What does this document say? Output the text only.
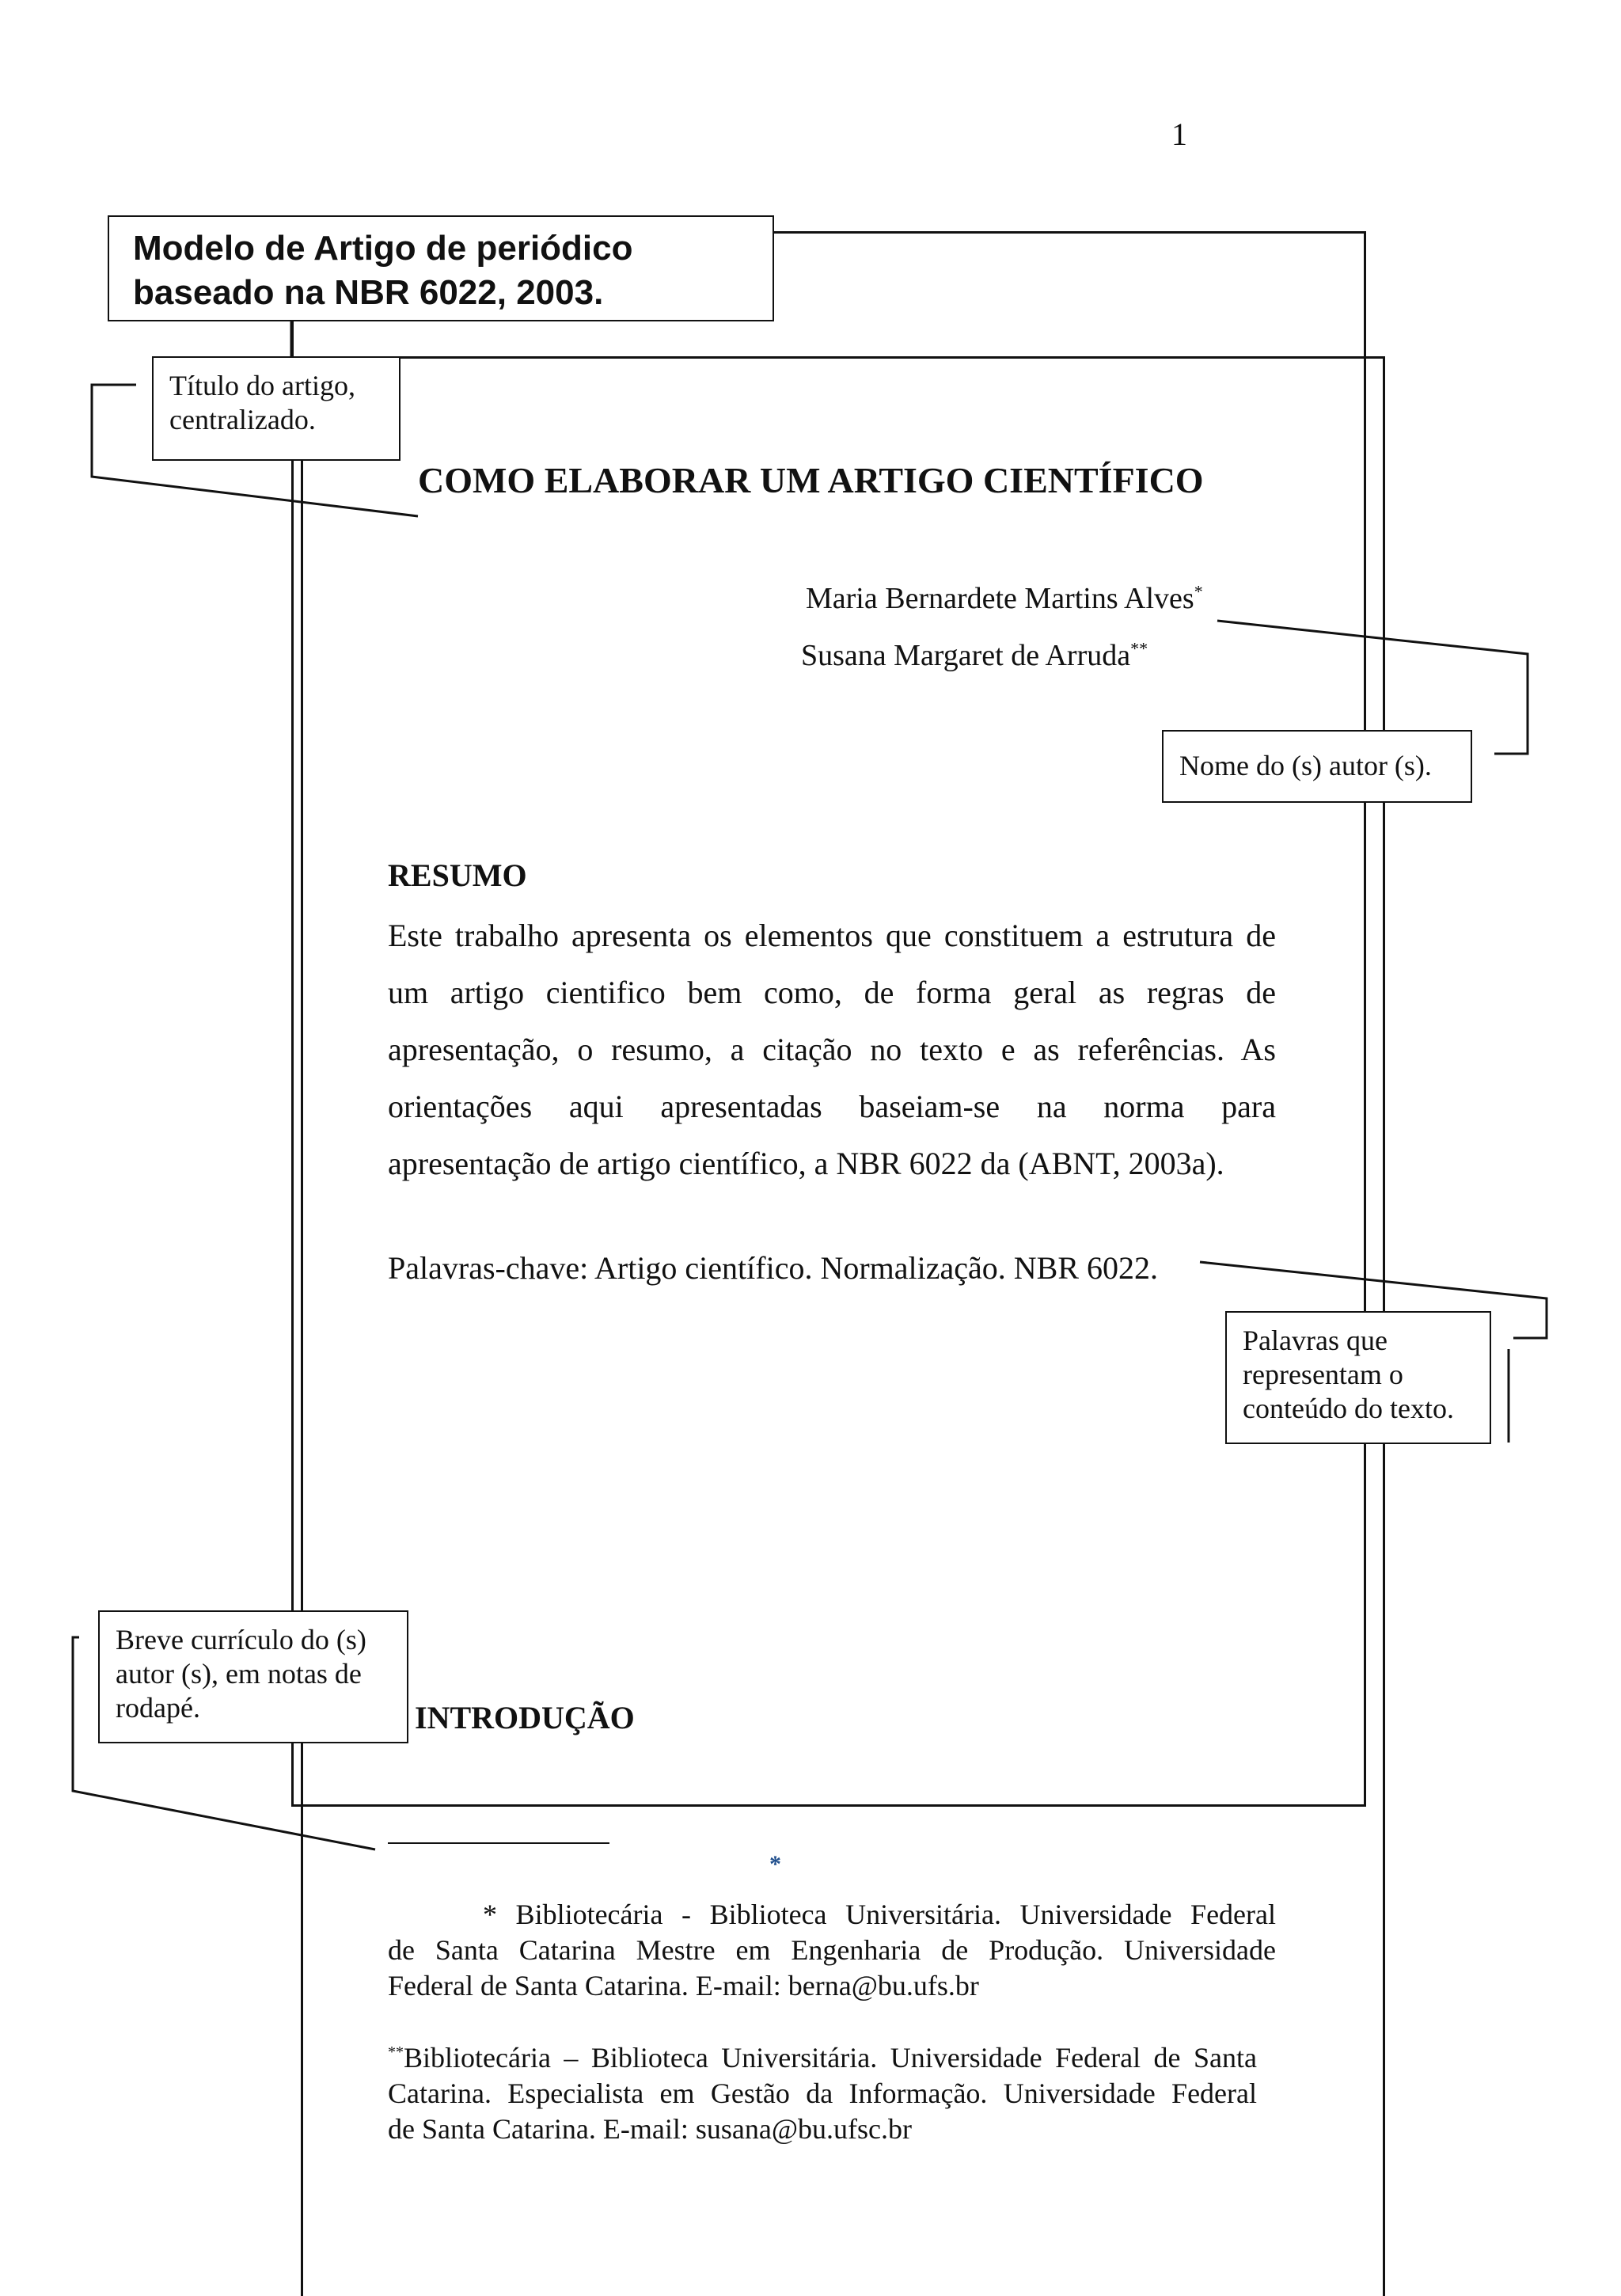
1
Modelo de Artigo de periódico
baseado na NBR 6022, 2003.
Título do artigo,
centralizado.
COMO ELABORAR UM ARTIGO CIENTÍFICO
Maria Bernardete Martins Alves*
Susana Margaret de Arruda**
Nome do (s) autor (s).
RESUMO
Este trabalho apresenta os elementos que constituem a estrutura de
um artigo cientifico bem como, de forma geral as regras de
apresentação, o resumo, a citação no texto e as referências. As
orientações aqui apresentadas baseiam-se na norma para
apresentação de artigo científico, a NBR 6022 da (ABNT, 2003a).
Palavras-chave: Artigo científico. Normalização. NBR 6022.
Palavras que
representam o
conteúdo do texto.
Breve currículo do (s)
autor (s), em notas de
rodapé.	INTRODUÇÃO
*
* Bibliotecária - Biblioteca Universitária. Universidade Federal
de Santa Catarina Mestre em Engenharia de Produção. Universidade
Federal de Santa Catarina. E-mail: berna@bu.ufs.br
**Bibliotecária – Biblioteca Universitária. Universidade Federal de Santa
Catarina. Especialista em Gestão da Informação. Universidade Federal
de Santa Catarina. E-mail: susana@bu.ufsc.br
